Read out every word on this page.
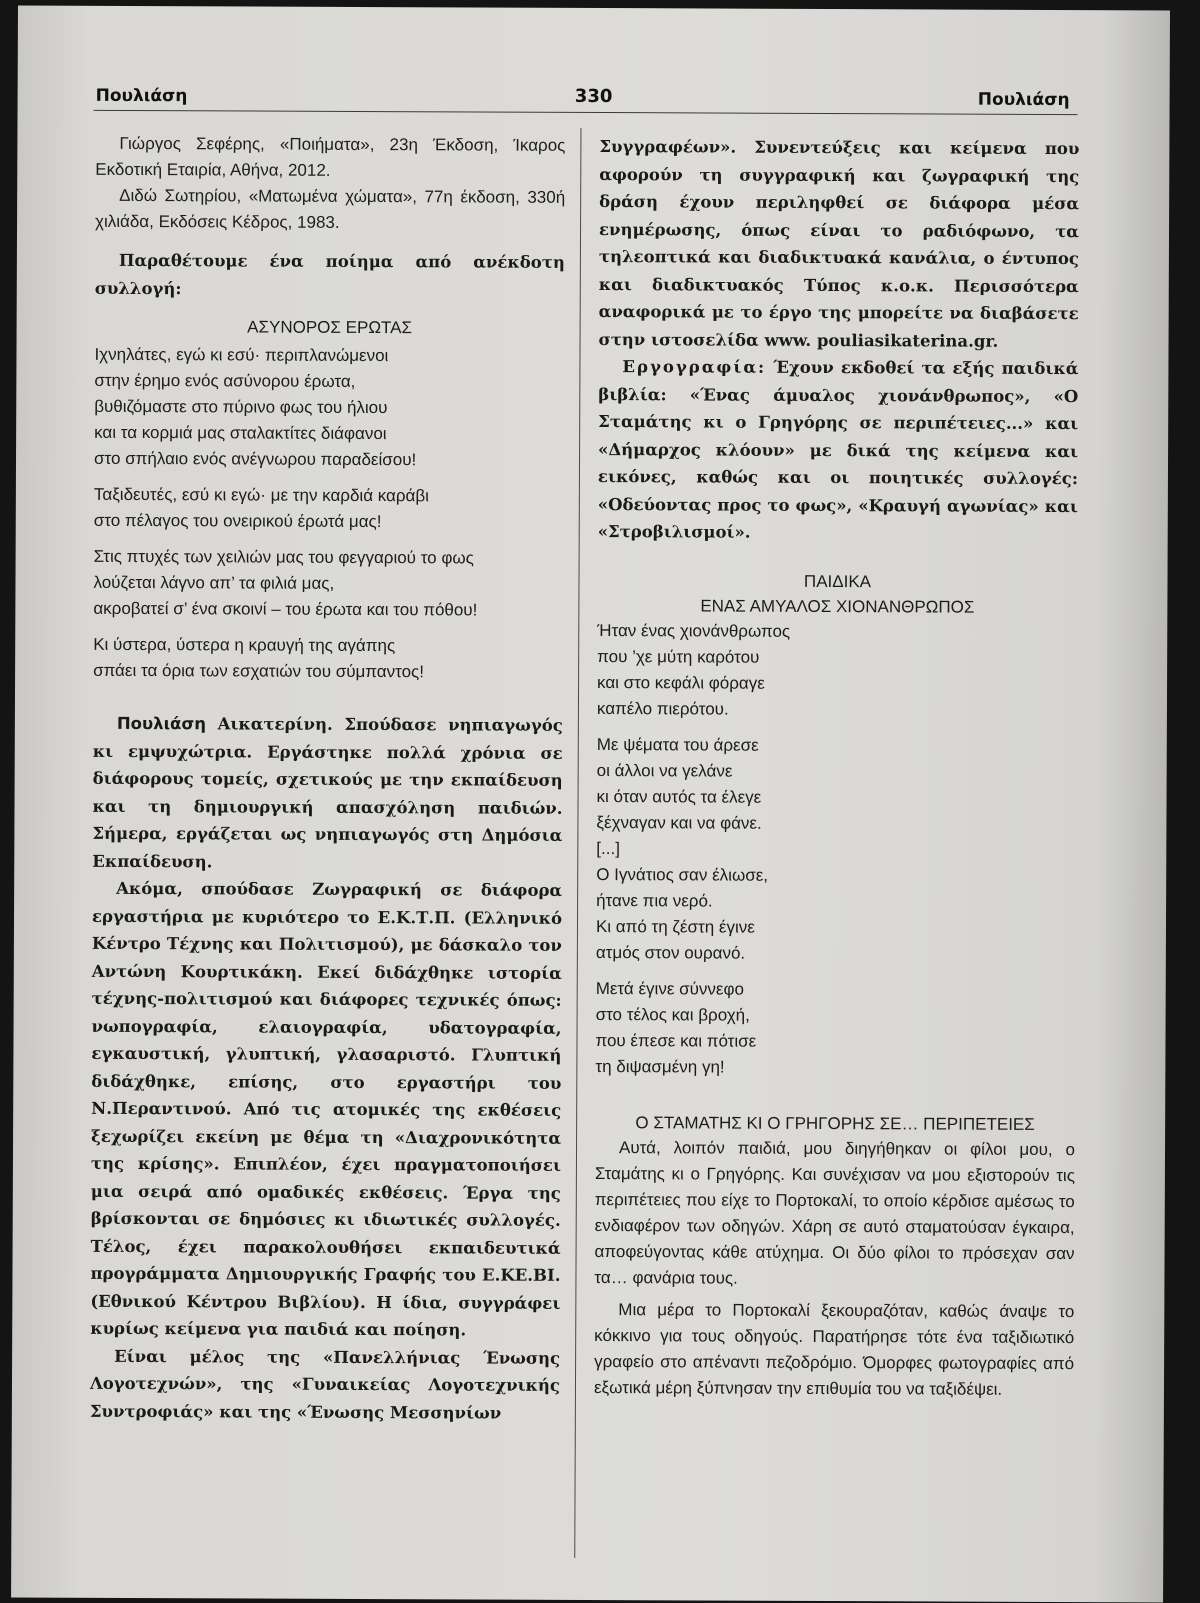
Πουλιάση	330	Πουλιάση

Γιώργος Σεφέρης, «Ποιήματα», 23η Έκδοση, Ίκαρος Εκδοτική Εταιρία, Αθήνα, 2012.

Διδώ Σωτηρίου, «Ματωμένα χώματα», 77η έκδοση, 330ή χιλιάδα, Εκδόσεις Κέδρος, 1983.

Παραθέτουμε ένα ποίημα από ανέκδοτη συλλογή:

ΑΣΥΝΟΡΟΣ ΕΡΩΤΑΣ
Ιχνηλάτες, εγώ κι εσύ· περιπλανώμενοι
στην έρημο ενός ασύνορου έρωτα,
βυθιζόμαστε στο πύρινο φως του ήλιου
και τα κορμιά μας σταλακτίτες διάφανοι
στο σπήλαιο ενός ανέγνωρου παραδείσου!
Ταξιδευτές, εσύ κι εγώ· με την καρδιά καράβι
στο πέλαγος του ονειρικού έρωτά μας!
Στις πτυχές των χειλιών μας του φεγγαριού το φως
λούζεται λάγνο απ’ τα φιλιά μας,
ακροβατεί σ’ ένα σκοινί – του έρωτα και του πόθου!
Κι ύστερα, ύστερα η κραυγή της αγάπης
σπάει τα όρια των εσχατιών του σύμπαντος!

Πουλιάση Αικατερίνη. Σπούδασε νηπιαγωγός κι εμψυχώτρια. Εργάστηκε πολλά χρόνια σε διάφορους τομείς, σχετικούς με την εκπαίδευση και τη δημιουργική απασχόληση παιδιών. Σήμερα, εργάζεται ως νηπιαγωγός στη Δημόσια Εκπαίδευση.

Ακόμα, σπούδασε Ζωγραφική σε διάφορα εργαστήρια με κυριότερο το Ε.Κ.Τ.Π. (Ελληνικό Κέντρο Τέχνης και Πολιτισμού), με δάσκαλο τον Αντώνη Κουρτικάκη. Εκεί διδάχθηκε ιστορία τέχνης-πολιτισμού και διάφορες τεχνικές όπως: νωπογραφία, ελαιογραφία, υδατογραφία, εγκαυστική, γλυπτική, γλασαριστό. Γλυπτική διδάχθηκε, επίσης, στο εργαστήρι του Ν.Περαντινού. Από τις ατομικές της εκθέσεις ξεχωρίζει εκείνη με θέμα τη «Διαχρονικότητα της κρίσης». Επιπλέον, έχει πραγματοποιήσει μια σειρά από ομαδικές εκθέσεις. Έργα της βρίσκονται σε δημόσιες κι ιδιωτικές συλλογές. Τέλος, έχει παρακολουθήσει εκπαιδευτικά προγράμματα Δημιουργικής Γραφής του Ε.ΚΕ.ΒΙ. (Εθνικού Κέντρου Βιβλίου). Η ίδια, συγγράφει κυρίως κείμενα για παιδιά και ποίηση.

Είναι μέλος της «Πανελλήνιας Ένωσης Λογοτεχνών», της «Γυναικείας Λογοτεχνικής Συντροφιάς» και της «Ένωσης Μεσσηνίων

Συγγραφέων». Συνεντεύξεις και κείμενα που αφορούν τη συγγραφική και ζωγραφική της δράση έχουν περιληφθεί σε διάφορα μέσα ενημέρωσης, όπως είναι το ραδιόφωνο, τα τηλεοπτικά και διαδικτυακά κανάλια, ο έντυπος και διαδικτυακός Τύπος κ.ο.κ. Περισσότερα αναφορικά με το έργο της μπορείτε να διαβάσετε στην ιστοσελίδα www. pouliasikaterina.gr.

Εργογραφία: Έχουν εκδοθεί τα εξής παιδικά βιβλία: «Ένας άμυαλος χιονάνθρωπος», «Ο Σταμάτης κι ο Γρηγόρης σε περιπέτειες...» και «Δήμαρχος κλόουν» με δικά της κείμενα και εικόνες, καθώς και οι ποιητικές συλλογές: «Οδεύοντας προς το φως», «Κραυγή αγωνίας» και «Στροβιλισμοί».

ΠΑΙΔΙΚΑ
ΕΝΑΣ ΑΜΥΑΛΟΣ ΧΙΟΝΑΝΘΡΩΠΟΣ
Ήταν ένας χιονάνθρωπος
που ’χε μύτη καρότου
και στο κεφάλι φόραγε
καπέλο πιερότου.
Με ψέματα του άρεσε
οι άλλοι να γελάνε
κι όταν αυτός τα έλεγε
ξέχναγαν και να φάνε.
[...]
Ο Ιγνάτιος σαν έλιωσε,
ήτανε πια νερό.
Κι από τη ζέστη έγινε
ατμός στον ουρανό.
Μετά έγινε σύννεφο
στο τέλος και βροχή,
που έπεσε και πότισε
τη διψασμένη γη!
Ο ΣΤΑΜΑΤΗΣ ΚΙ Ο ΓΡΗΓΟΡΗΣ ΣΕ… ΠΕΡΙΠΕΤΕΙΕΣ

Αυτά, λοιπόν παιδιά, μου διηγήθηκαν οι φίλοι μου, ο Σταμάτης κι ο Γρηγόρης. Και συνέχισαν να μου εξιστορούν τις περιπέτειες που είχε το Πορτοκαλί, το οποίο κέρδισε αμέσως το ενδιαφέρον των οδηγών. Χάρη σε αυτό σταματούσαν έγκαιρα, αποφεύγοντας κάθε ατύχημα. Οι δύο φίλοι το πρόσεχαν σαν τα… φανάρια τους.

Μια μέρα το Πορτοκαλί ξεκουραζόταν, καθώς άναψε το κόκκινο για τους οδηγούς. Παρατήρησε τότε ένα ταξιδιωτικό γραφείο στο απέναντι πεζοδρόμιο. Όμορφες φωτογραφίες από εξωτικά μέρη ξύπνησαν την επιθυμία του να ταξιδέψει.
